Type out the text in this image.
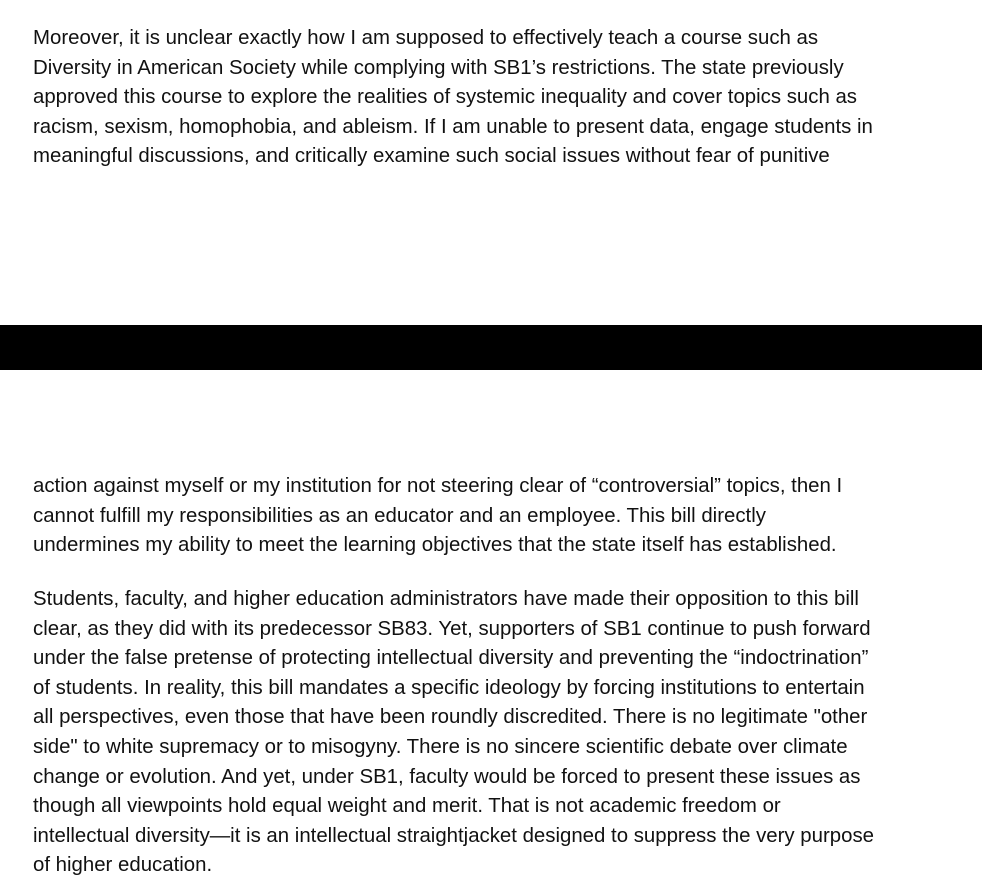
Moreover, it is unclear exactly how I am supposed to effectively teach a course such as
Diversity in American Society while complying with SB1’s restrictions. The state previously
approved this course to explore the realities of systemic inequality and cover topics such as
racism, sexism, homophobia, and ableism. If I am unable to present data, engage students in
meaningful discussions, and critically examine such social issues without fear of punitive

action against myself or my institution for not steering clear of “controversial” topics, then I
cannot fulfill my responsibilities as an educator and an employee. This bill directly
undermines my ability to meet the learning objectives that the state itself has established.

Students, faculty, and higher education administrators have made their opposition to this bill
clear, as they did with its predecessor SB83. Yet, supporters of SB1 continue to push forward
under the false pretense of protecting intellectual diversity and preventing the “indoctrination”
of students. In reality, this bill mandates a specific ideology by forcing institutions to entertain
all perspectives, even those that have been roundly discredited. There is no legitimate "other
side" to white supremacy or to misogyny. There is no sincere scientific debate over climate
change or evolution. And yet, under SB1, faculty would be forced to present these issues as
though all viewpoints hold equal weight and merit. That is not academic freedom or
intellectual diversity—it is an intellectual straightjacket designed to suppress the very purpose
of higher education.
